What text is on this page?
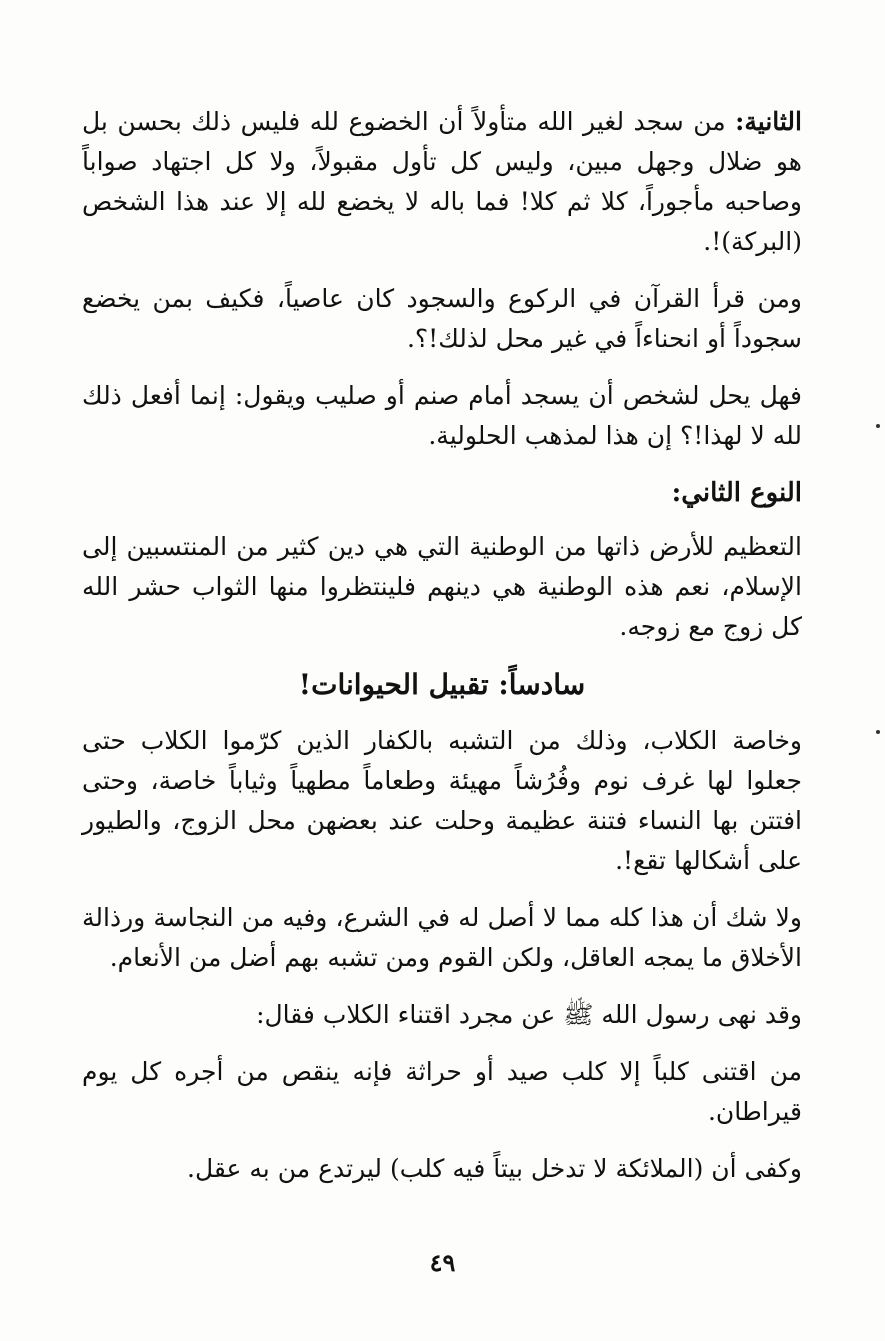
الثانية: من سجد لغير الله متأولاً أن الخضوع لله فليس ذلك بحسن بل هو ضلال وجهل مبين، وليس كل تأول مقبولاً، ولا كل اجتهاد صواباً وصاحبه مأجوراً، كلا ثم كلا! فما باله لا يخضع لله إلا عند هذا الشخص (البركة)!.

ومن قرأ القرآن في الركوع والسجود كان عاصياً، فكيف بمن يخضع سجوداً أو انحناءاً في غير محل لذلك!؟.

فهل يحل لشخص أن يسجد أمام صنم أو صليب ويقول: إنما أفعل ذلك لله لا لهذا!؟ إن هذا لمذهب الحلولية.

النوع الثاني:

التعظيم للأرض ذاتها من الوطنية التي هي دين كثير من المنتسبين إلى الإسلام، نعم هذه الوطنية هي دينهم فلينتظروا منها الثواب حشر الله كل زوج مع زوجه.

سادساً: تقبيل الحيوانات!

وخاصة الكلاب، وذلك من التشبه بالكفار الذين كرّموا الكلاب حتى جعلوا لها غرف نوم وفُرُشاً مهيئة وطعاماً مطهياً وثياباً خاصة، وحتى افتتن بها النساء فتنة عظيمة وحلت عند بعضهن محل الزوج، والطيور على أشكالها تقع!.

ولا شك أن هذا كله مما لا أصل له في الشرع، وفيه من النجاسة ورذالة الأخلاق ما يمجه العاقل، ولكن القوم ومن تشبه بهم أضل من الأنعام.

وقد نهى رسول الله ﷺ عن مجرد اقتناء الكلاب فقال:

من اقتنى كلباً إلا كلب صيد أو حراثة فإنه ينقص من أجره كل يوم قيراطان.

وكفى أن (الملائكة لا تدخل بيتاً فيه كلب) ليرتدع من به عقل.

٤٩
